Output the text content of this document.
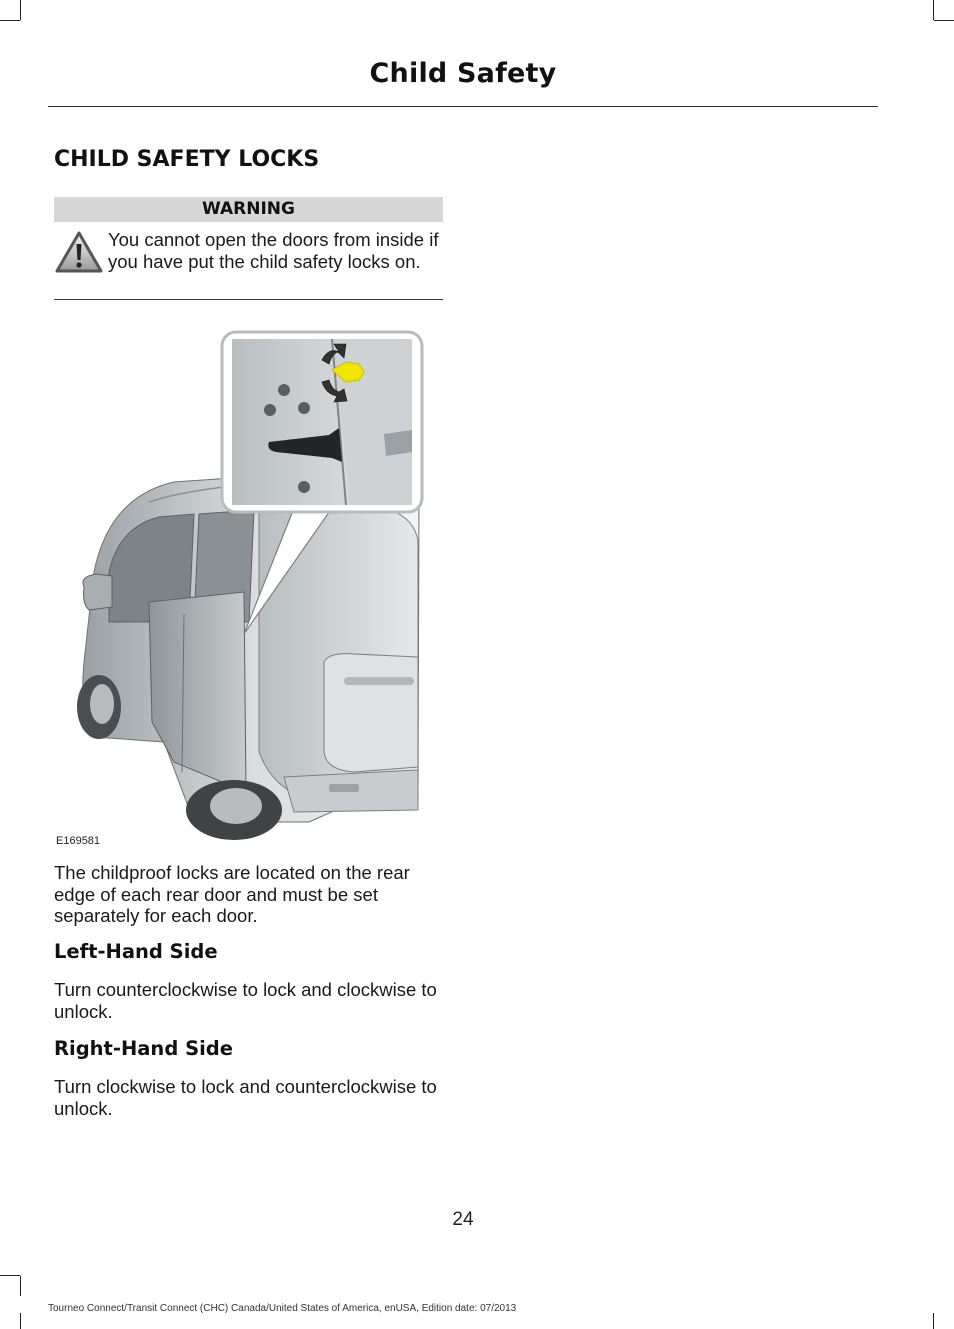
Child Safety
CHILD SAFETY LOCKS
WARNING
You cannot open the doors from inside if you have put the child safety locks on.
E169581
The childproof locks are located on the rear edge of each rear door and must be set separately for each door.
Left-Hand Side
Turn counterclockwise to lock and clockwise to unlock.
Right-Hand Side
Turn clockwise to lock and counterclockwise to unlock.
24
Tourneo Connect/Transit Connect (CHC) Canada/United States of America, enUSA, Edition date: 07/2013
